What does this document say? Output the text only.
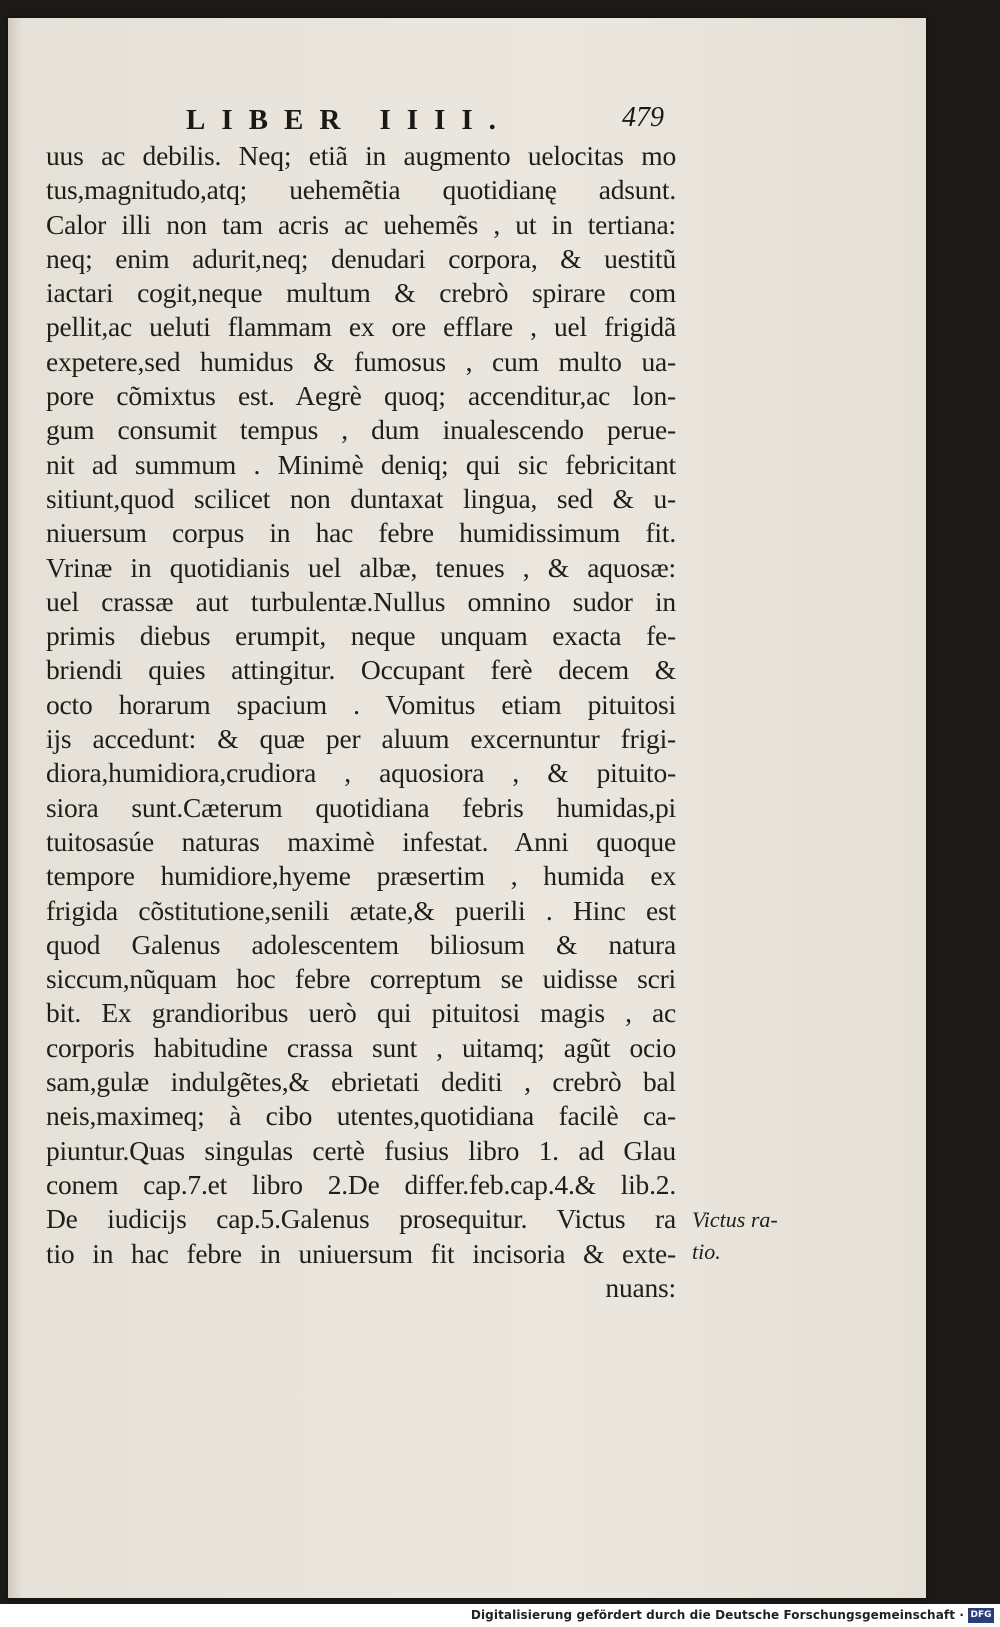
LIBER IIII.	479
uus ac debilis. Neq; etiã in augmento uelocitas mo
tus,magnitudo,atq; uehemẽtia quotidianę adsunt.
Calor illi non tam acris ac uehemẽs , ut in tertiana:
neq; enim adurit,neq; denudari corpora, & uestitũ
iactari cogit,neque multum & crebrò spirare com
pellit,ac ueluti flammam ex ore efflare , uel frigidã
expetere,sed humidus & fumosus , cum multo ua-
pore cõmixtus est. Aegrè quoq; accenditur,ac lon-
gum consumit tempus , dum inualescendo perue-
nit ad summum . Minimè deniq; qui sic febricitant
sitiunt,quod scilicet non duntaxat lingua, sed & u-
niuersum corpus in hac febre humidissimum fit.
Vrinæ in quotidianis uel albæ, tenues , & aquosæ:
uel crassæ aut turbulentæ.Nullus omnino sudor in
primis diebus erumpit, neque unquam exacta fe-
briendi quies attingitur. Occupant ferè decem &
octo horarum spacium . Vomitus etiam pituitosi
ijs accedunt: & quæ per aluum excernuntur frigi-
diora,humidiora,crudiora , aquosiora , & pituito-
siora sunt.Cæterum quotidiana febris humidas,pi
tuitosasúe naturas maximè infestat. Anni quoque
tempore humidiore,hyeme præsertim , humida ex
frigida cõstitutione,senili ætate,& puerili . Hinc est
quod Galenus adolescentem biliosum & natura
siccum,nũquam hoc febre correptum se uidisse scri
bit. Ex grandioribus uerò qui pituitosi magis , ac
corporis habitudine crassa sunt , uitamq; agũt ocio
sam,gulæ indulgẽtes,& ebrietati dediti , crebrò bal
neis,maximeq; à cibo utentes,quotidiana facilè ca-
piuntur.Quas singulas certè fusius libro 1. ad Glau
conem cap.7.et libro 2.De differ.feb.cap.4.& lib.2.
De iudicijs cap.5.Galenus prosequitur. Victus ra
tio in hac febre in uniuersum fit incisoria & exte-
nuans:
Victus ra-
tio.
Digitalisierung gefördert durch die Deutsche Forschungsgemeinschaft · DFG
